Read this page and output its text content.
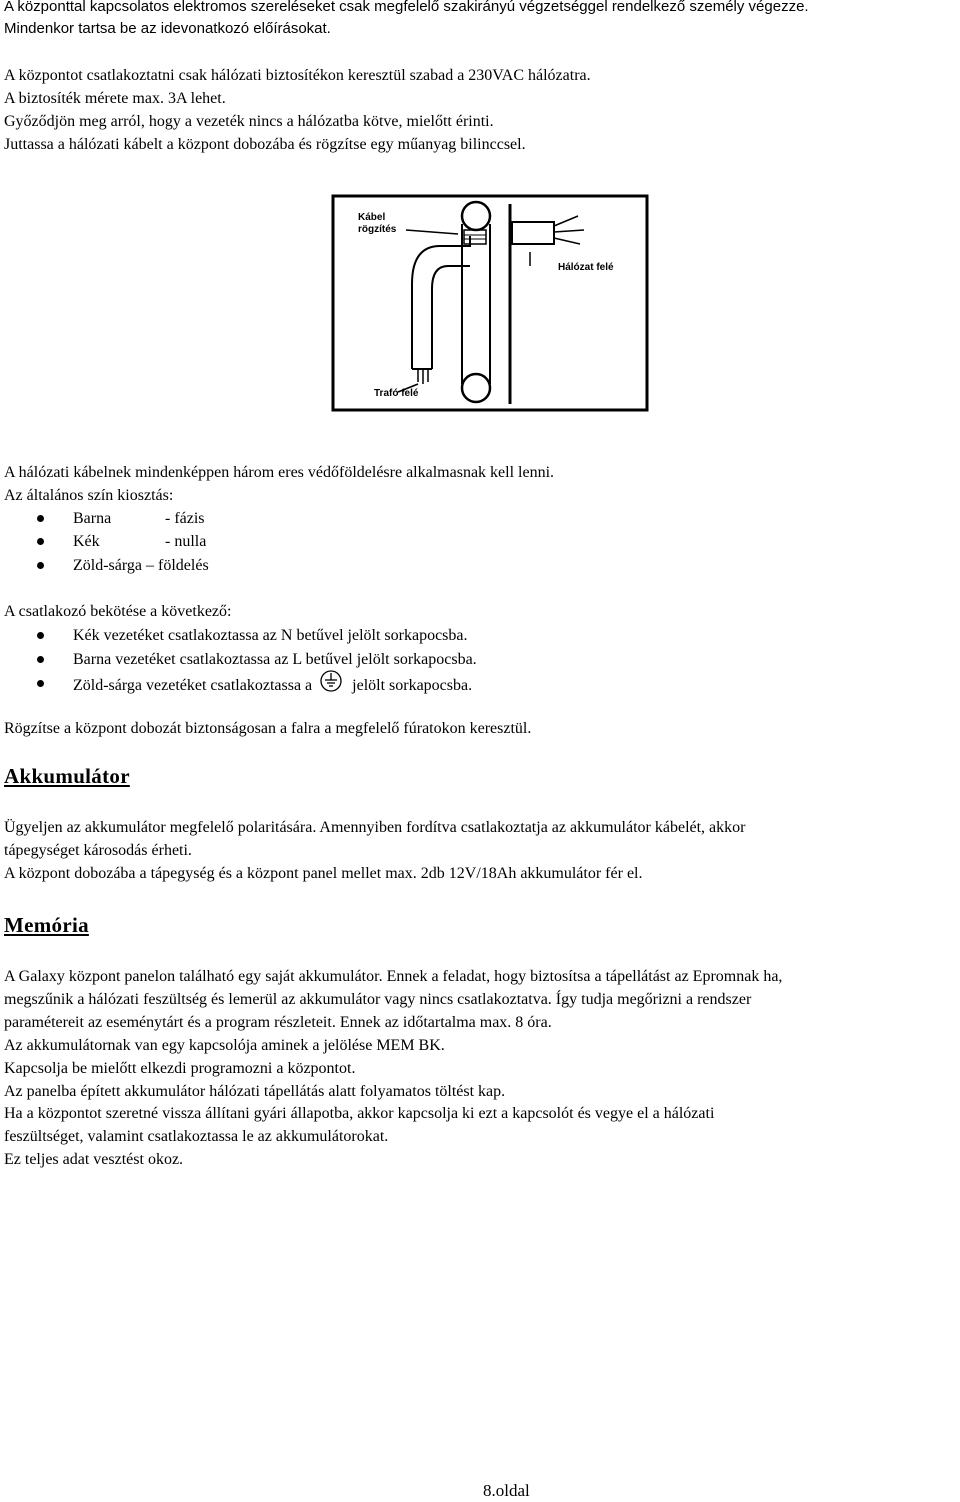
A központtal kapcsolatos elektromos szereléseket csak megfelelő szakirányú végzetséggel rendelkező személy végezze.

Mindenkor tartsa be az idevonatkozó előírásokat.

A központot csatlakoztatni csak hálózati biztosítékon keresztül szabad a 230VAC hálózatra.

A biztosíték mérete max. 3A lehet.

Győződjön meg arról, hogy a vezeték nincs a hálózatba kötve, mielőtt érinti.

Juttassa a hálózati kábelt a központ dobozába és rögzítse egy műanyag bilinccsel.

Kábel
rögzítés
Hálózat felé
Trafó felé

A hálózati kábelnek mindenképpen három eres védőföldelésre alkalmasnak kell lenni.

Az általános szín kiosztás:

Barna	- fázis
Kék	- nulla
Zöld-sárga – földelés

A csatlakozó bekötése a következő:

Kék vezetéket csatlakoztassa az N betűvel jelölt sorkapocsba.
Barna vezetéket csatlakoztassa az L betűvel jelölt sorkapocsba.
Zöld-sárga vezetéket csatlakoztassa a	jelölt sorkapocsba.

Rögzítse a központ dobozát biztonságosan a falra a megfelelő fúratokon keresztül.

Akkumulátor

Ügyeljen az akkumulátor megfelelő polaritására. Amennyiben fordítva csatlakoztatja az akkumulátor kábelét, akkor

tápegységet károsodás érheti.

A központ dobozába a tápegység és a központ panel mellet max. 2db 12V/18Ah akkumulátor fér el.

Memória

A Galaxy központ panelon található egy saját akkumulátor. Ennek a feladat, hogy biztosítsa a tápellátást az Epromnak ha,

megszűnik a hálózati feszültség és lemerül az akkumulátor vagy nincs csatlakoztatva. Így tudja megőrizni a rendszer

paramétereit az eseménytárt és a program részleteit. Ennek az időtartalma max. 8 óra.

Az akkumulátornak van egy kapcsolója aminek a jelölése MEM BK.

Kapcsolja be mielőtt elkezdi programozni a központot.

Az panelba épített akkumulátor hálózati tápellátás alatt folyamatos töltést kap.

Ha a központot szeretné vissza állítani gyári állapotba, akkor kapcsolja ki ezt a kapcsolót és vegye el a hálózati

feszültséget, valamint csatlakoztassa le az akkumulátorokat.

Ez teljes adat vesztést okoz.

8.oldal
